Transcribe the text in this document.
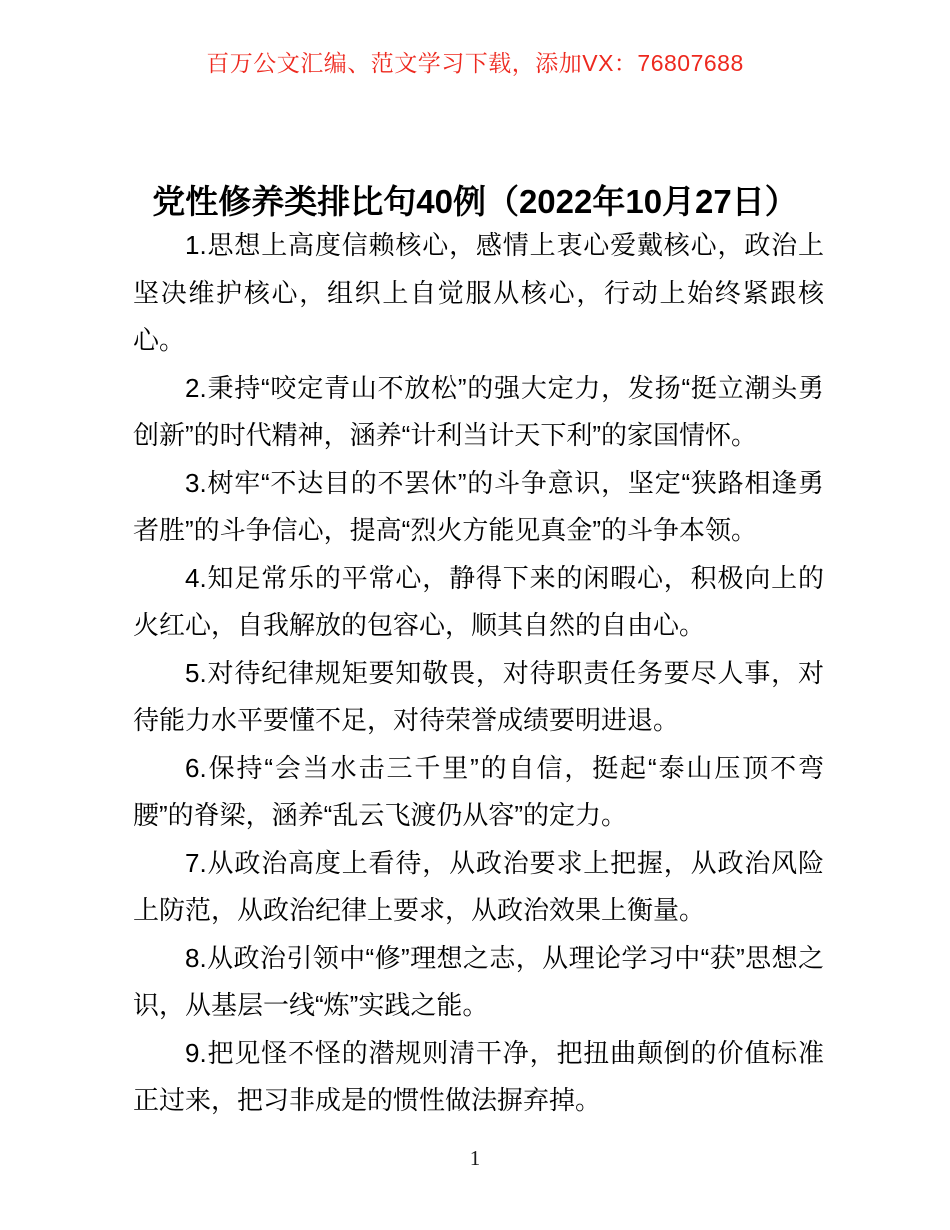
百万公文汇编、范文学习下载，添加VX：76807688
党性修养类排比句40例（2022年10月27日）

1.思想上高度信赖核心，感情上衷心爱戴核心，政治上坚决维护核心，组织上自觉服从核心，行动上始终紧跟核心。

2.秉持“咬定青山不放松”的强大定力，发扬“挺立潮头勇创新”的时代精神，涵养“计利当计天下利”的家国情怀。

3.树牢“不达目的不罢休”的斗争意识，坚定“狭路相逢勇者胜”的斗争信心，提高“烈火方能见真金”的斗争本领。

4.知足常乐的平常心，静得下来的闲暇心，积极向上的火红心，自我解放的包容心，顺其自然的自由心。

5.对待纪律规矩要知敬畏，对待职责任务要尽人事，对待能力水平要懂不足，对待荣誉成绩要明进退。

6.保持“会当水击三千里”的自信，挺起“泰山压顶不弯腰”的脊梁，涵养“乱云飞渡仍从容”的定力。

7.从政治高度上看待，从政治要求上把握，从政治风险上防范，从政治纪律上要求，从政治效果上衡量。

8.从政治引领中“修”理想之志，从理论学习中“获”思想之识，从基层一线“炼”实践之能。

9.把见怪不怪的潜规则清干净，把扭曲颠倒的价值标准正过来，把习非成是的惯性做法摒弃掉。

1
